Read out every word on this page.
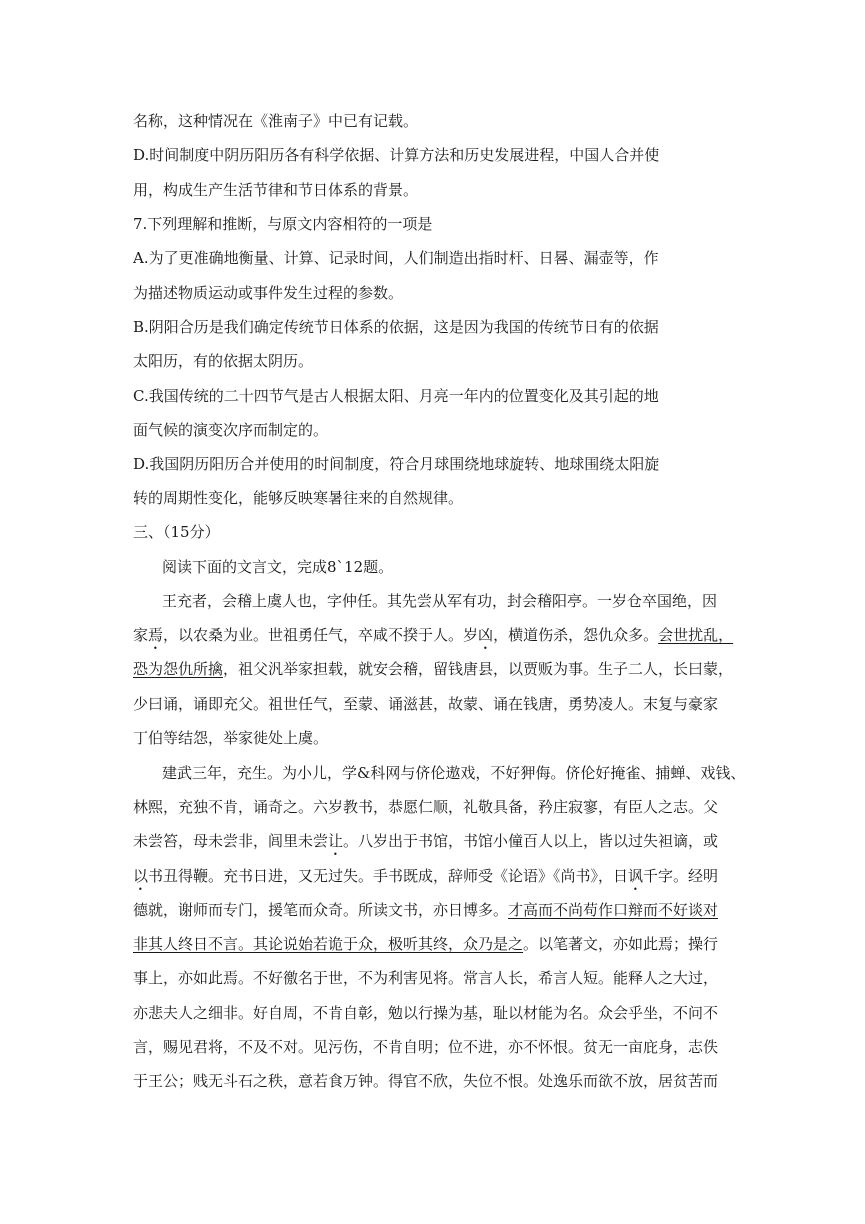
名称，这种情况在《淮南子》中已有记载。
D.时间制度中阴历阳历各有科学依据、计算方法和历史发展进程，中国人合并使
用，构成生产生活节律和节日体系的背景。
7.下列理解和推断，与原文内容相符的一项是
A.为了更准确地衡量、计算、记录时间，人们制造出指时杆、日晷、漏壶等，作
为描述物质运动或事件发生过程的参数。
B.阴阳合历是我们确定传统节日体系的依据，这是因为我国的传统节日有的依据
太阳历，有的依据太阴历。
C.我国传统的二十四节气是古人根据太阳、月亮一年内的位置变化及其引起的地
面气候的演变次序而制定的。
D.我国阴历阳历合并使用的时间制度，符合月球围绕地球旋转、地球围绕太阳旋
转的周期性变化，能够反映寒暑往来的自然规律。
三、（15分）
阅读下面的文言文，完成8`12题。
王充者，会稽上虞人也，字仲任。其先尝从军有功，封会稽阳亭。一岁仓卒国绝，因
家焉，以农桑为业。世祖勇任气，卒咸不揆于人。岁凶，横道伤杀，怨仇众多。会世扰乱，
恐为怨仇所擒，祖父汎举家担载，就安会稽，留钱唐县，以贾贩为事。生子二人，长曰蒙，
少曰诵，诵即充父。祖世任气，至蒙、诵滋甚，故蒙、诵在钱唐，勇势凌人。末复与豪家
丁伯等结怨，举家徙处上虞。
建武三年，充生。为小儿，学&科网与侪伦遨戏，不好狎侮。侪伦好掩雀、捕蝉、戏钱、
林熙，充独不肯，诵奇之。六岁教书，恭愿仁顺，礼敬具备，矜庄寂寥，有臣人之志。父
未尝笞，母未尝非，闾里未尝让。八岁出于书馆，书馆小僮百人以上，皆以过失袒谪，或
以书丑得鞭。充书日进，又无过失。手书既成，辞师受《论语》《尚书》，日讽千字。经明
德就，谢师而专门，援笔而众奇。所读文书，亦日博多。才高而不尚苟作口辩而不好谈对
非其人终日不言。其论说始若诡于众，极听其终，众乃是之。以笔著文，亦如此焉；操行
事上，亦如此焉。不好徼名于世，不为利害见将。常言人长，希言人短。能释人之大过，
亦悲夫人之细非。好自周，不肯自彰，勉以行操为基，耻以材能为名。众会乎坐，不问不
言，赐见君将，不及不对。见污伤，不肯自明；位不进，亦不怀恨。贫无一亩庇身，志佚
于王公；贱无斗石之秩，意若食万钟。得官不欣，失位不恨。处逸乐而欲不放，居贫苦而
